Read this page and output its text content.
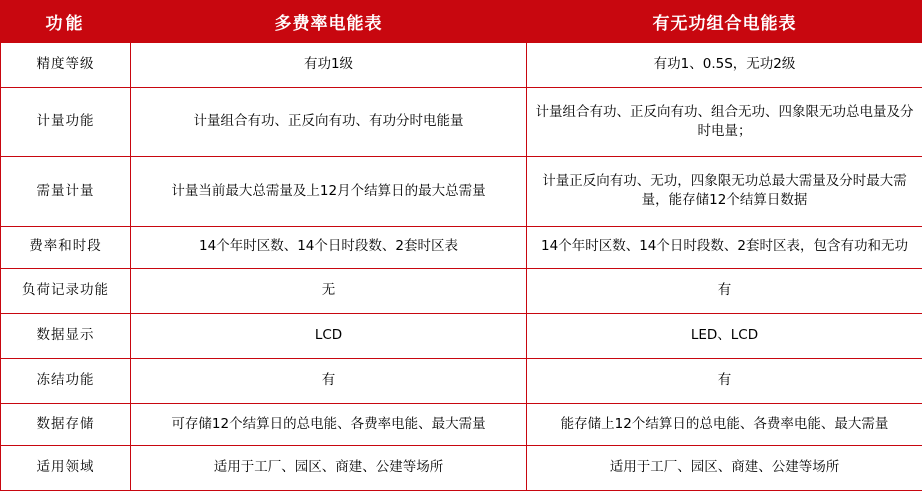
功能	多费率电能表	有无功组合电能表
精度等级	有功1级	有功1、0.5S，无功2级
计量功能	计量组合有功、正反向有功、有功分时电能量	计量组合有功、正反向有功、组合无功、四象限无功总电量及分时电量；
需量计量	计量当前最大总需量及上12月个结算日的最大总需量	计量正反向有功、无功，四象限无功总最大需量及分时最大需量，能存储12个结算日数据
费率和时段	14个年时区数、14个日时段数、2套时区表	14个年时区数、14个日时段数、2套时区表，包含有功和无功
负荷记录功能	无	有
数据显示	LCD	LED、LCD
冻结功能	有	有
数据存储	可存储12个结算日的总电能、各费率电能、最大需量	能存储上12个结算日的总电能、各费率电能、最大需量
适用领域	适用于工厂、园区、商建、公建等场所	适用于工厂、园区、商建、公建等场所
